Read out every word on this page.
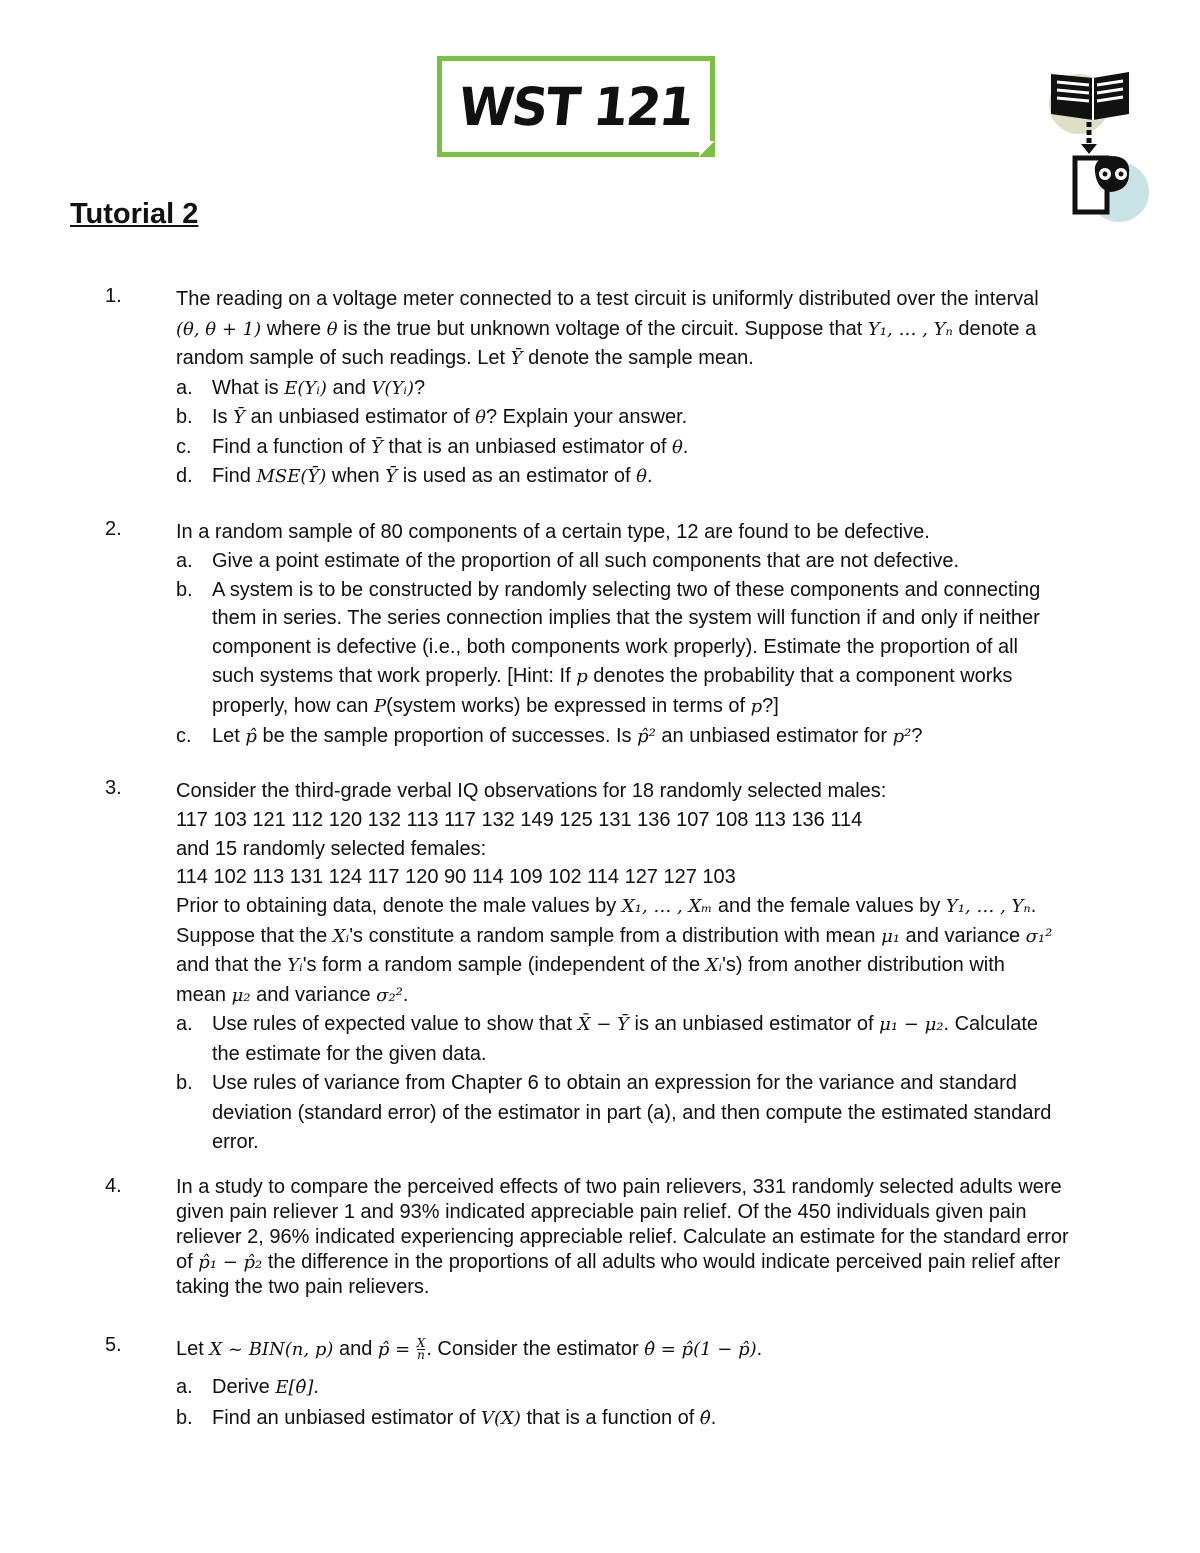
WST 121
Tutorial 2
1.	The reading on a voltage meter connected to a test circuit is uniformly distributed over the interval
(θ, θ + 1) where θ is the true but unknown voltage of the circuit. Suppose that Y₁, … , Yₙ denote a
random sample of such readings. Let Ȳ denote the sample mean.
a. What is E(Yᵢ) and V(Yᵢ)?
b. Is Ȳ an unbiased estimator of θ? Explain your answer.
c. Find a function of Ȳ that is an unbiased estimator of θ.
d. Find MSE(Ȳ) when Ȳ is used as an estimator of θ.
2.	In a random sample of 80 components of a certain type, 12 are found to be defective.
a. Give a point estimate of the proportion of all such components that are not defective.
b. A system is to be constructed by randomly selecting two of these components and connecting
them in series. The series connection implies that the system will function if and only if neither
component is defective (i.e., both components work properly). Estimate the proportion of all
such systems that work properly. [Hint: If p denotes the probability that a component works
properly, how can P(system works) be expressed in terms of p?]
c. Let p̂ be the sample proportion of successes. Is p̂² an unbiased estimator for p²?
3.	Consider the third-grade verbal IQ observations for 18 randomly selected males:
117 103 121 112 120 132 113 117 132 149 125 131 136 107 108 113 136 114
and 15 randomly selected females:
114 102 113 131 124 117 120 90 114 109 102 114 127 127 103
Prior to obtaining data, denote the male values by X₁, … , Xₘ and the female values by Y₁, … , Yₙ.
Suppose that the Xᵢ's constitute a random sample from a distribution with mean μ₁ and variance σ₁²
and that the Yᵢ's form a random sample (independent of the Xᵢ's) from another distribution with
mean μ₂ and variance σ₂².
a. Use rules of expected value to show that X̄ − Ȳ is an unbiased estimator of μ₁ − μ₂. Calculate
the estimate for the given data.
b. Use rules of variance from Chapter 6 to obtain an expression for the variance and standard
deviation (standard error) of the estimator in part (a), and then compute the estimated standard
error.
4.	In a study to compare the perceived effects of two pain relievers, 331 randomly selected adults were
given pain reliever 1 and 93% indicated appreciable pain relief. Of the 450 individuals given pain
reliever 2, 96% indicated experiencing appreciable relief. Calculate an estimate for the standard error
of p̂₁ − p̂₂ the difference in the proportions of all adults who would indicate perceived pain relief after
taking the two pain relievers.
5.	Let X ~ BIN(n, p) and p̂ = $\frac{X}{n}$ . Consider the estimator θ̂ = p̂(1 − p̂).
a. Derive E[θ̂].
b. Find an unbiased estimator of V(X) that is a function of θ̂.
